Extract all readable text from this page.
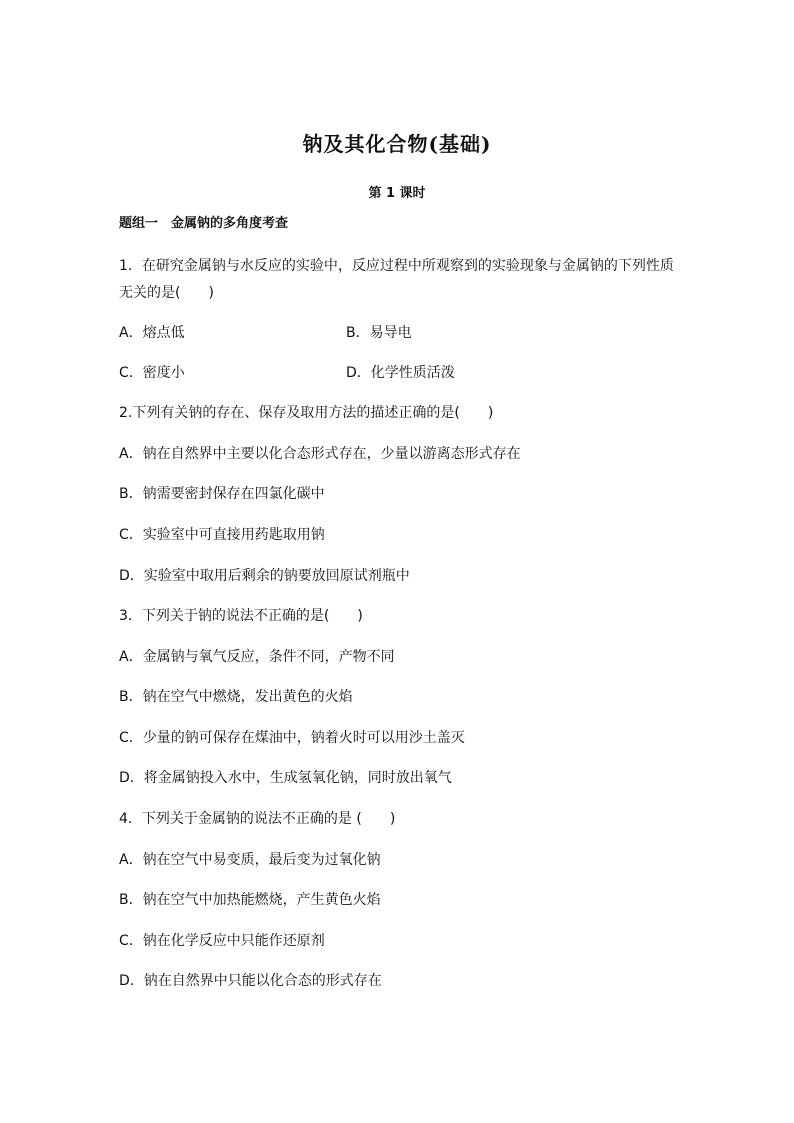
钠及其化合物(基础)
第 1 课时
题组一　金属钠的多角度考查
1．在研究金属钠与水反应的实验中，反应过程中所观察到的实验现象与金属钠的下列性质
无关的是(　　)
A．熔点低	B．易导电
C．密度小	D．化学性质活泼
2.下列有关钠的存在、保存及取用方法的描述正确的是(　　)
A．钠在自然界中主要以化合态形式存在，少量以游离态形式存在
B．钠需要密封保存在四氯化碳中
C．实验室中可直接用药匙取用钠
D．实验室中取用后剩余的钠要放回原试剂瓶中
3．下列关于钠的说法不正确的是(　　)
A．金属钠与氧气反应，条件不同，产物不同
B．钠在空气中燃烧，发出黄色的火焰
C．少量的钠可保存在煤油中，钠着火时可以用沙土盖灭
D．将金属钠投入水中，生成氢氧化钠，同时放出氧气
4．下列关于金属钠的说法不正确的是 (　　)
A．钠在空气中易变质，最后变为过氧化钠
B．钠在空气中加热能燃烧，产生黄色火焰
C．钠在化学反应中只能作还原剂
D．钠在自然界中只能以化合态的形式存在
